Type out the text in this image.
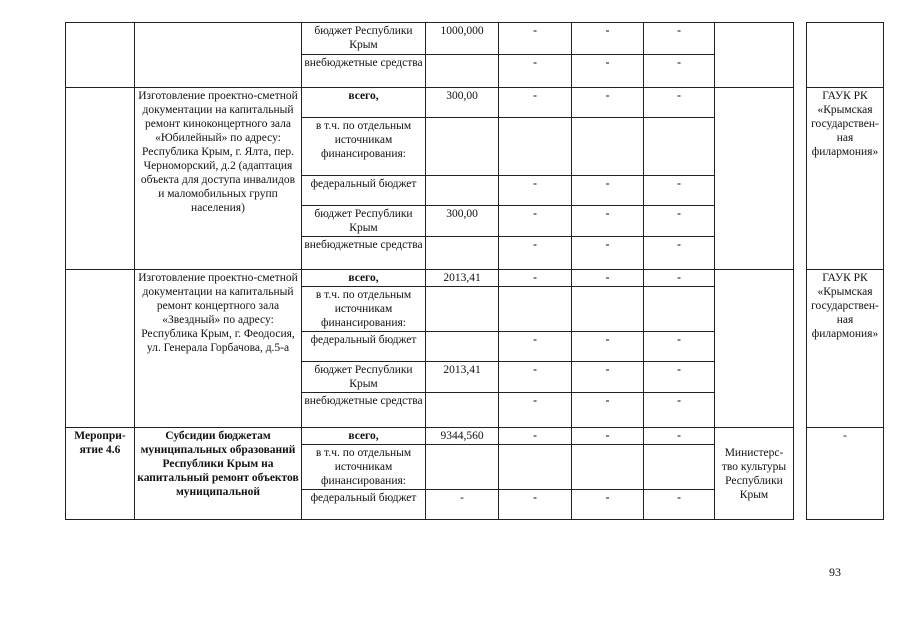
		бюджет Республики Крым	1000,000	-	-	-			
		внебюджетные средства		-	-	-			
	Изготовление проектно-сметной документации на капитальный ремонт киноконцертного зала «Юбилейный» по адресу: Республика Крым, г. Ялта, пер. Черноморский, д.2 (адаптация объекта для доступа инвалидов и маломобильных групп населения)	всего,	300,00	-	-	-			ГАУК РК «Крымская государствен-ная филармония»
		в т.ч. по отдельным источникам финансирования:							
		федеральный бюджет		-	-	-			
		бюджет Республики Крым	300,00	-	-	-			
		внебюджетные средства		-	-	-			
	Изготовление проектно-сметной документации на капитальный ремонт концертного зала «Звездный» по адресу: Республика Крым, г. Феодосия, ул. Генерала Горбачова, д.5-а	всего,	2013,41	-	-	-			ГАУК РК «Крымская государствен-ная филармония»
		в т.ч. по отдельным источникам финансирования:							
		федеральный бюджет		-	-	-			
		бюджет Республики Крым	2013,41	-	-	-			
		внебюджетные средства		-	-	-			
Меропри-ятие 4.6	Субсидии бюджетам муниципальных образований Республики Крым на капитальный ремонт объектов муниципальной	всего,	9344,560	-	-	-	Министерс-тво культуры Республики Крым		-
		в т.ч. по отдельным источникам финансирования:							
		федеральный бюджет	-	-	-	-			
93
